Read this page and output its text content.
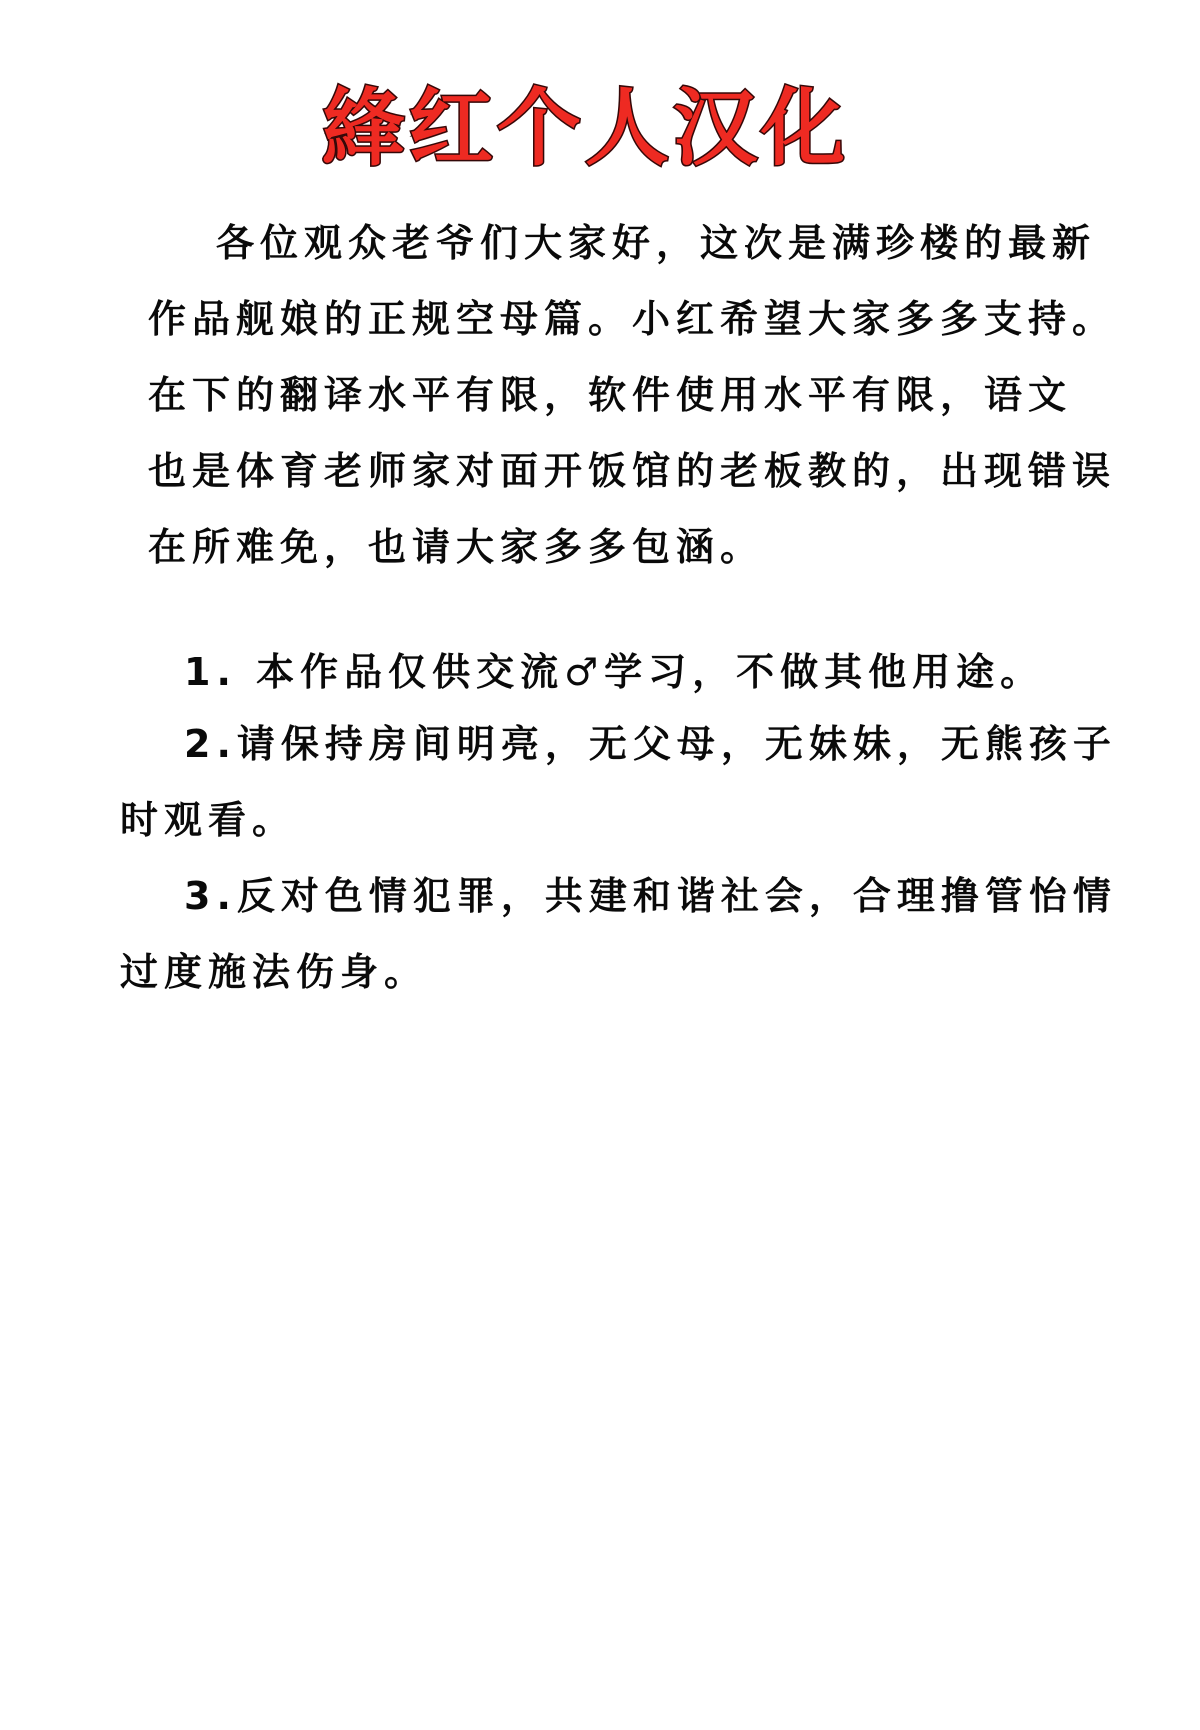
綘红个人汉化
各位观众老爷们大家好，这次是满珍楼的最新
作品舰娘的正规空母篇。小红希望大家多多支持。
在下的翻译水平有限，软件使用水平有限，语文
也是体育老师家对面开饭馆的老板教的，出现错误
在所难免，也请大家多多包涵。
1. 本作品仅供交流♂学习，不做其他用途。
2.请保持房间明亮，无父母，无妹妹，无熊孩子
时观看。
3.反对色情犯罪，共建和谐社会，合理撸管怡情
过度施法伤身。
